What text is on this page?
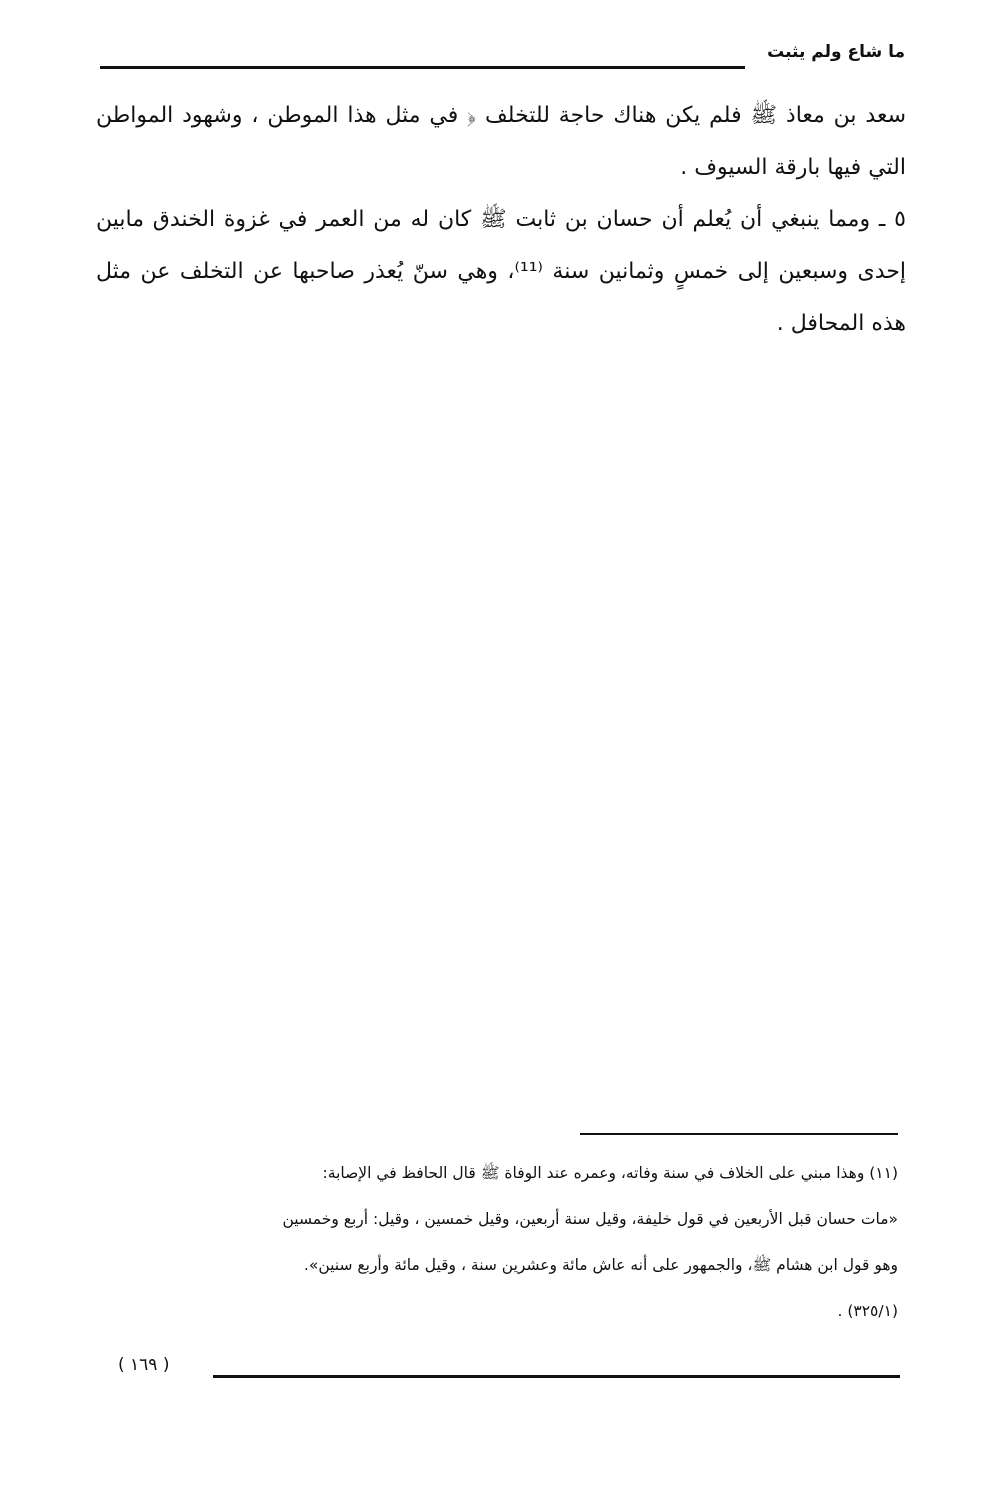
ما شاع ولم يثبت

سعد بن معاذ ﷺ فلم يكن هناك حاجة للتخلف ﴿ في مثل هذا الموطن ، وشهود المواطن التي فيها بارقة السيوف .

٥ ـ ومما ينبغي أن يُعلم أن حسان بن ثابت ﷺ كان له من العمر في غزوة الخندق مابين إحدى وسبعين إلى خمسٍ وثمانين سنة ⁽¹¹⁾، وهي سنّ يُعذر صاحبها عن التخلف عن مثل هذه المحافل .

(١١) وهذا مبني على الخلاف في سنة وفاته، وعمره عند الوفاة ﷺ قال الحافظ في الإصابة:

«مات حسان قبل الأربعين في قول خليفة، وقيل سنة أربعين، وقيل خمسين ، وقيل: أربع وخمسين

وهو قول ابن هشام ﷺ، والجمهور على أنه عاش مائة وعشرين سنة ، وقيل مائة وأربع سنين».

(٣٢٥/١) .

( ١٦٩ )
